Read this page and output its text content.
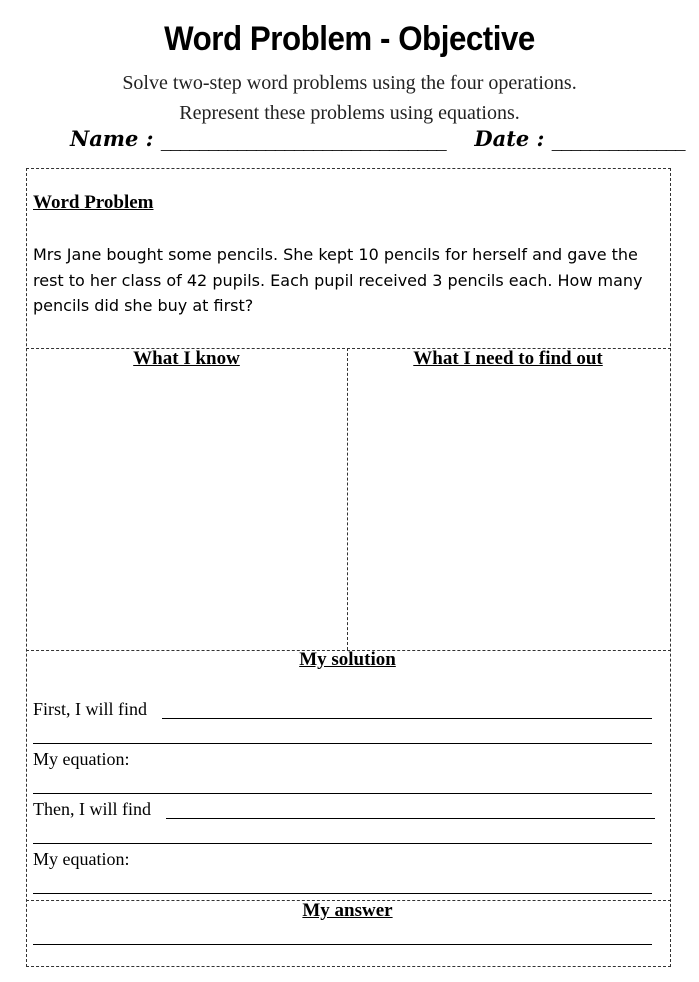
Word Problem - Objective
Solve two-step word problems using the four operations.
Represent these problems using equations.
Name : ______________________________ Date : ______________
Word Problem
Mrs Jane bought some pencils. She kept 10 pencils for herself and gave the rest to her class of 42 pupils. Each pupil received 3 pencils each. How many pencils did she buy at first?
What I know	What I need to find out
My solution
First, I will find
My equation:
Then, I will find
My equation:
My answer
